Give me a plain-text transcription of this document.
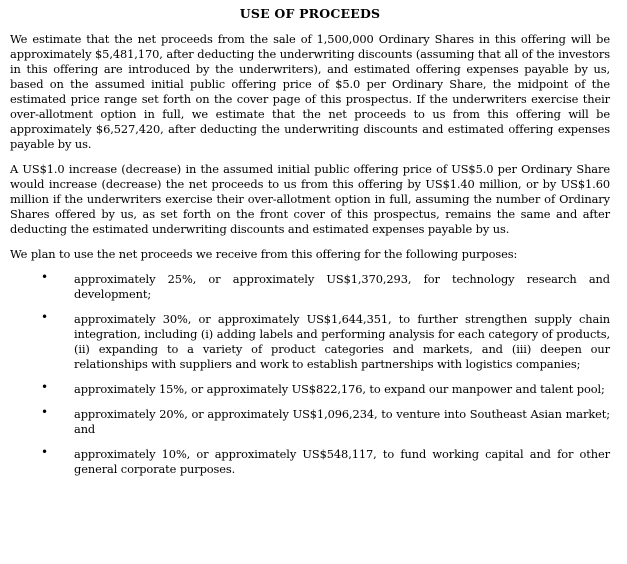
USE OF PROCEEDS

We estimate that the net proceeds from the sale of 1,500,000 Ordinary Shares in this offering will be approximately $5,481,170, after deducting the underwriting discounts (assuming that all of the investors in this offering are introduced by the underwriters), and estimated offering expenses payable by us, based on the assumed initial public offering price of $5.0 per Ordinary Share, the midpoint of the estimated price range set forth on the cover page of this prospectus. If the underwriters exercise their over-allotment option in full, we estimate that the net proceeds to us from this offering will be approximately $6,527,420, after deducting the underwriting discounts and estimated offering expenses payable by us.

A US$1.0 increase (decrease) in the assumed initial public offering price of US$5.0 per Ordinary Share would increase (decrease) the net proceeds to us from this offering by US$1.40 million, or by US$1.60 million if the underwriters exercise their over-allotment option in full, assuming the number of Ordinary Shares offered by us, as set forth on the front cover of this prospectus, remains the same and after deducting the estimated underwriting discounts and estimated expenses payable by us.

We plan to use the net proceeds we receive from this offering for the following purposes:

• approximately 25%, or approximately US$1,370,293, for technology research and development;
• approximately 30%, or approximately US$1,644,351, to further strengthen supply chain integration, including (i) adding labels and performing analysis for each category of products, (ii) expanding to a variety of product categories and markets, and (iii) deepen our relationships with suppliers and work to establish partnerships with logistics companies;
• approximately 15%, or approximately US$822,176, to expand our manpower and talent pool;
• approximately 20%, or approximately US$1,096,234, to venture into Southeast Asian market; and
• approximately 10%, or approximately US$548,117, to fund working capital and for other general corporate purposes.
